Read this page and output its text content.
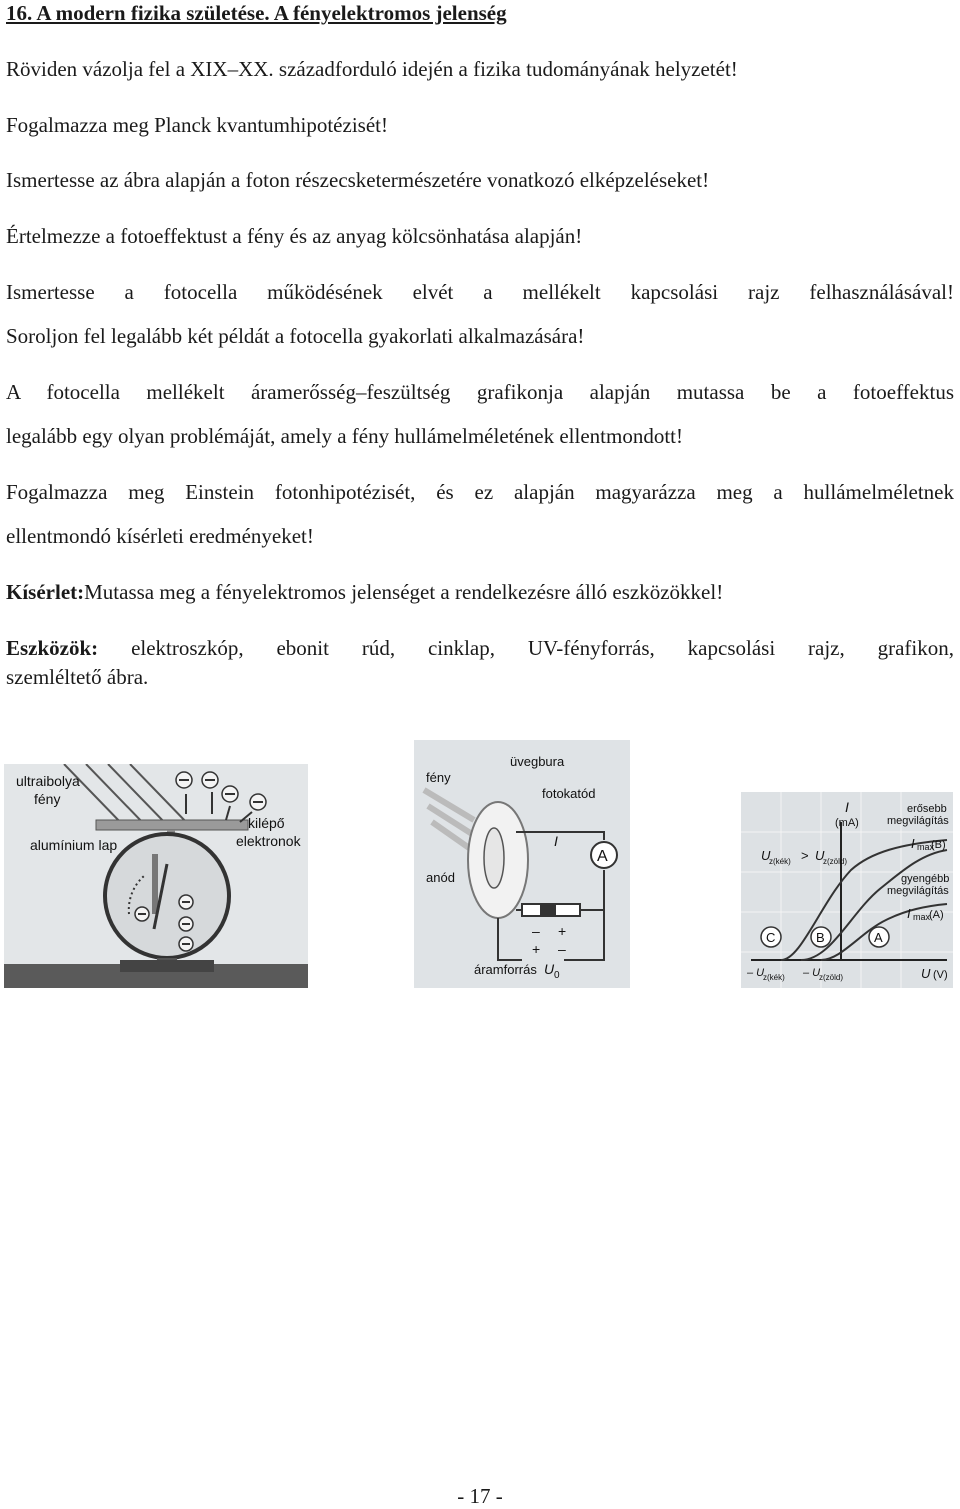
16. A modern fizika születése. A fényelektromos jelenség
Röviden vázolja fel a XIX–XX. századforduló idején a fizika tudományának helyzetét!
Fogalmazza meg Planck kvantumhipotézisét!
Ismertesse az ábra alapján a foton részecsketermészetére vonatkozó elképzeléseket!
Értelmezze a fotoeffektust a fény és az anyag kölcsönhatása alapján!
Ismertesse a fotocella működésének elvét a mellékelt kapcsolási rajz felhasználásával!
Soroljon fel legalább két példát a fotocella gyakorlati alkalmazására!
A fotocella mellékelt áramerősség–feszültség grafikonja alapján mutassa be a fotoeffektus
legalább egy olyan problémáját, amely a fény hullámelméletének ellentmondott!
Fogalmazza meg Einstein fotonhipotézisét, és ez alapján magyarázza meg a hullámelméletnek
ellentmondó kísérleti eredményeket!
Kísérlet:Mutassa meg a fényelektromos jelenséget a rendelkezésre álló eszközökkel!
Eszközök: elektroszkóp, ebonit rúd, cinklap, UV-fényforrás, kapcsolási rajz, grafikon,
szemléltető ábra.
ultraibolya
fény
alumínium lap
kilépő
elektronok
A
fény
üvegbura
fotokatód
I
anód
– +
+ –
áramforrás U 0
C	B	A
I
(mA)
erősebb
megvilágítás
I max
(B)
gyengébb
megvilágítás
I max
(A)
U
z(kék) > U
z(zöld)
– U
z(kék) – U
z(zöld)	U (V)
- 17 -
